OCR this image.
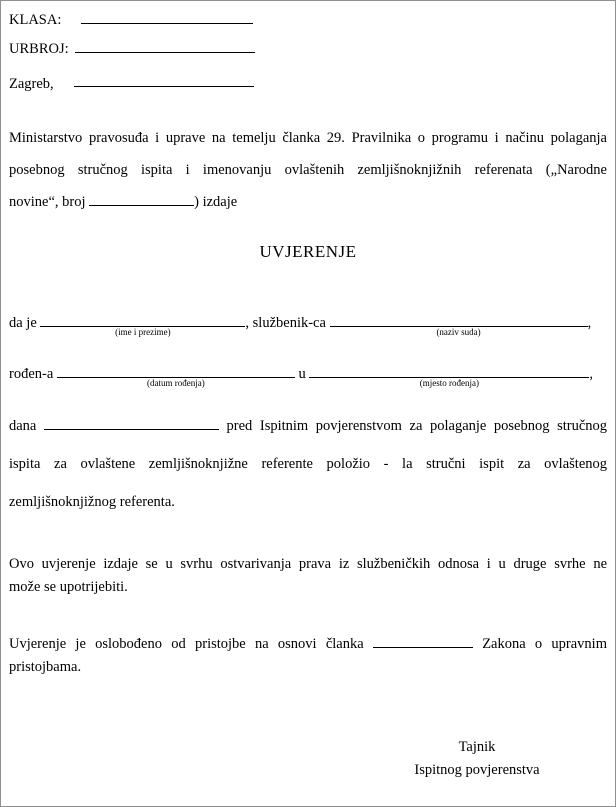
KLASA:
URBROJ:
Zagreb,
Ministarstvo pravosuđa i uprave na temelju članka 29. Pravilnika o programu i načinu polaganja
posebnog stručnog ispita i imenovanju ovlaštenih zemljišnoknjižnih referenata („Narodne
novine“, broj	) izdaje
UVJERENJE
da je
(ime i prezime)
, službenik-ca
(naziv suda)
,
rođen-a
(datum rođenja)
u
(mjesto rođenja)
,
dana	pred Ispitnim povjerenstvom za polaganje posebnog stručnog
ispita za ovlaštene zemljišnoknjižne referente položio - la stručni ispit za ovlaštenog
zemljišnoknjižnog referenta.
Ovo uvjerenje izdaje se u svrhu ostvarivanja prava iz službeničkih odnosa i u druge svrhe ne
može se upotrijebiti.
Uvjerenje je oslobođeno od pristojbe na osnovi članka	Zakona o upravnim
pristojbama.
Tajnik
Ispitnog povjerenstva
